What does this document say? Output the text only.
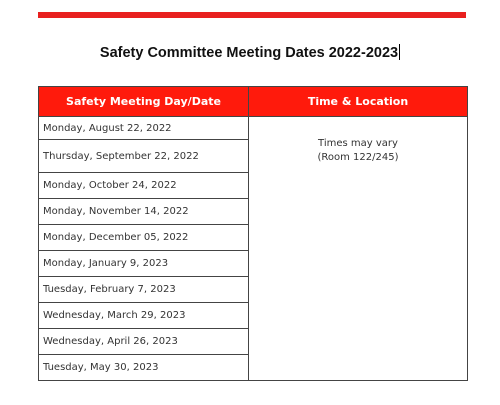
Safety Committee Meeting Dates 2022-2023
Safety Meeting Day/Date	Time & Location
Monday, August 22, 2022	Times may vary
(Room 122/245)

Thursday, September 22, 2022	
Monday, October 24, 2022	
Monday, November 14, 2022	
Monday, December 05, 2022	
Monday, January 9, 2023	
Tuesday, February 7, 2023	
Wednesday, March 29, 2023	
Wednesday, April 26, 2023	
Tuesday, May 30, 2023	
